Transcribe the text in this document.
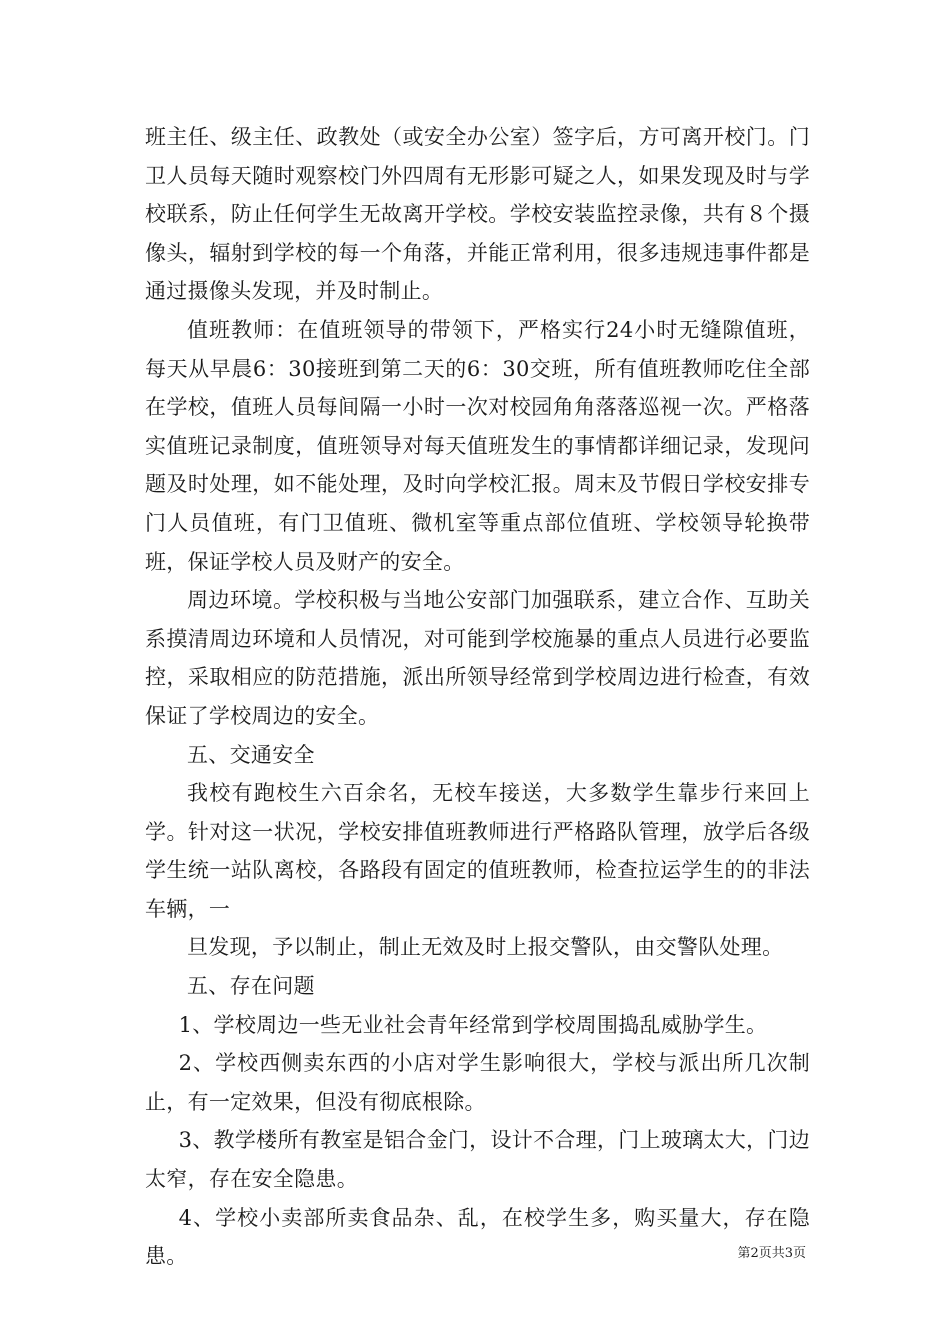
班主任、级主任、政教处（或安全办公室）签字后，方可离开校门。门卫人员每天随时观察校门外四周有无形影可疑之人，如果发现及时与学校联系，防止任何学生无故离开学校。学校安装监控录像，共有８个摄像头，辐射到学校的每一个角落，并能正常利用，很多违规违事件都是通过摄像头发现，并及时制止。

值班教师：在值班领导的带领下，严格实行24小时无缝隙值班，每天从早晨6：30接班到第二天的6：30交班，所有值班教师吃住全部在学校，值班人员每间隔一小时一次对校园角角落落巡视一次。严格落实值班记录制度，值班领导对每天值班发生的事情都详细记录，发现问题及时处理，如不能处理，及时向学校汇报。周末及节假日学校安排专门人员值班，有门卫值班、微机室等重点部位值班、学校领导轮换带班，保证学校人员及财产的安全。

周边环境。学校积极与当地公安部门加强联系，建立合作、互助关系摸清周边环境和人员情况，对可能到学校施暴的重点人员进行必要监控，采取相应的防范措施，派出所领导经常到学校周边进行检查，有效保证了学校周边的安全。

五、交通安全

我校有跑校生六百余名，无校车接送，大多数学生靠步行来回上学。针对这一状况，学校安排值班教师进行严格路队管理，放学后各级学生统一站队离校，各路段有固定的值班教师，检查拉运学生的的非法车辆，一

旦发现，予以制止，制止无效及时上报交警队，由交警队处理。

五、存在问题

1、学校周边一些无业社会青年经常到学校周围捣乱威胁学生。

2、学校西侧卖东西的小店对学生影响很大，学校与派出所几次制止，有一定效果，但没有彻底根除。

3、教学楼所有教室是铝合金门，设计不合理，门上玻璃太大，门边太窄，存在安全隐患。

4、学校小卖部所卖食品杂、乱，在校学生多，购买量大，存在隐患。	第2页共3页
